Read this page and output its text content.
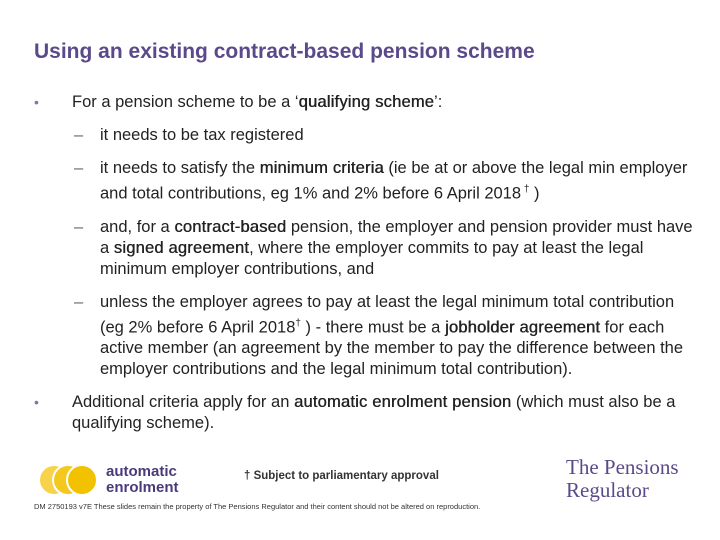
Using an existing contract-based pension scheme
• For a pension scheme to be a ‘qualifying scheme’:
– it needs to be tax registered
– it needs to satisfy the minimum criteria (ie be at or above the legal min employer and total contributions, eg 1% and 2% before 6 April 2018 † )
– and, for a contract-based pension, the employer and pension provider must have a signed agreement, where the employer commits to pay at least the legal minimum employer contributions, and
– unless the employer agrees to pay at least the legal minimum total contribution (eg 2% before 6 April 2018† ) - there must be a jobholder agreement for each active member (an agreement by the member to pay the difference between the employer contributions and the legal minimum total contribution).
• Additional criteria apply for an automatic enrolment pension (which must also be a qualifying scheme).
automatic
enrolment
† Subject to parliamentary approval	The Pensions
Regulator
DM 2750193 v7E These slides remain the property of The Pensions Regulator and their content should not be altered on reproduction.
